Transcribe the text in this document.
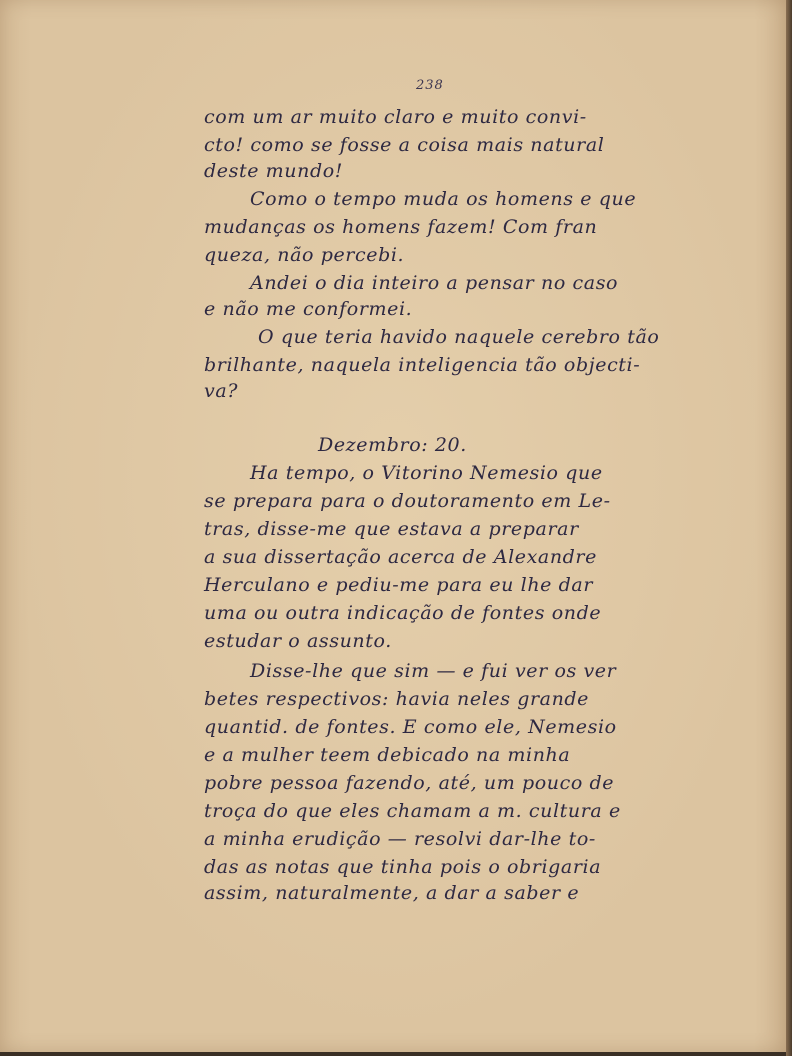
238
com um ar muito claro e muito convi-
cto! como se fosse a coisa mais natural
deste mundo!
Como o tempo muda os homens e que
mudanças os homens fazem! Com fran
queza, não percebi.
Andei o dia inteiro a pensar no caso
e não me conformei.
O que teria havido naquele cerebro tão
brilhante, naquela inteligencia tão objecti-
va?
Dezembro: 20.
Ha tempo, o Vitorino Nemesio que
se prepara para o doutoramento em Le-
tras, disse-me que estava a preparar
a sua dissertação acerca de Alexandre
Herculano e pediu-me para eu lhe dar
uma ou outra indicação de fontes onde
estudar o assunto.
Disse-lhe que sim — e fui ver os ver
betes respectivos: havia neles grande
quantid. de fontes. E como ele, Nemesio
e a mulher teem debicado na minha
pobre pessoa fazendo, até, um pouco de
troça do que eles chamam a m. cultura e
a minha erudição — resolvi dar-lhe to-
das as notas que tinha pois o obrigaria
assim, naturalmente, a dar a saber e
